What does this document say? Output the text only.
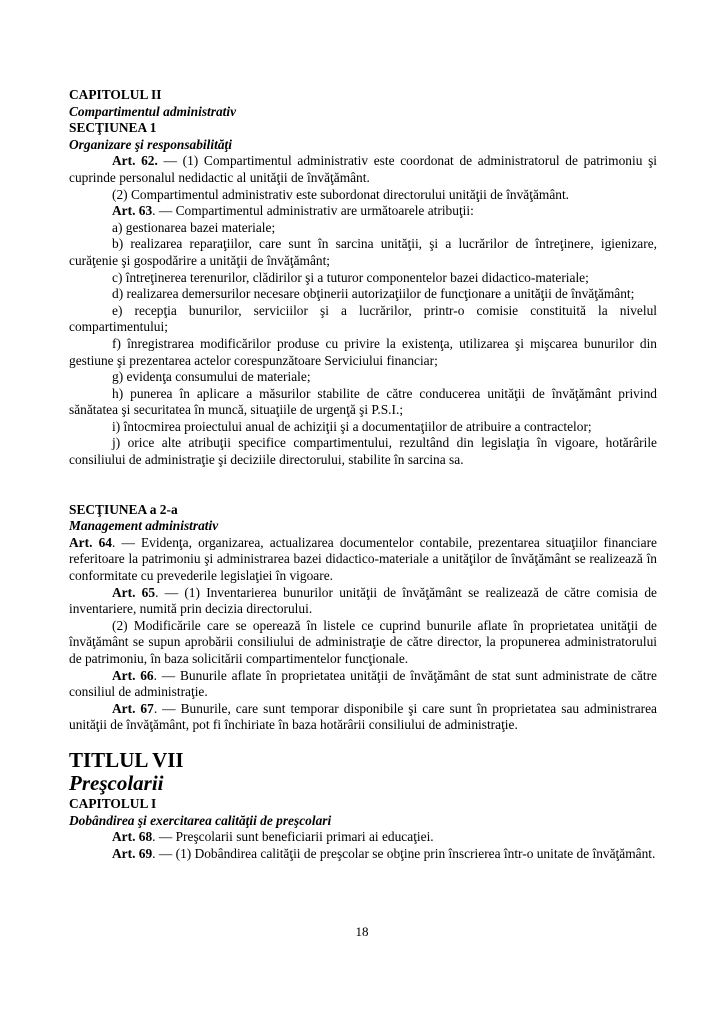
CAPITOLUL II

Compartimentul administrativ

SECŢIUNEA 1

Organizare şi responsabilităţi

Art. 62. — (1) Compartimentul administrativ este coordonat de administratorul de patrimoniu şi cuprinde personalul nedidactic al unităţii de învăţământ.

(2) Compartimentul administrativ este subordonat directorului unităţii de învăţământ.

Art. 63. — Compartimentul administrativ are următoarele atribuţii:

a) gestionarea bazei materiale;

b) realizarea reparaţiilor, care sunt în sarcina unităţii, şi a lucrărilor de întreţinere, igienizare, curăţenie şi gospodărire a unităţii de învăţământ;

c) întreţinerea terenurilor, clădirilor şi a tuturor componentelor bazei didactico-materiale;

d) realizarea demersurilor necesare obţinerii autorizaţiilor de funcţionare a unităţii de învăţământ;

e) recepţia bunurilor, serviciilor şi a lucrărilor, printr-o comisie constituită la nivelul compartimentului;

f) înregistrarea modificărilor produse cu privire la existenţa, utilizarea şi mişcarea bunurilor din gestiune şi prezentarea actelor corespunzătoare Serviciului financiar;

g) evidenţa consumului de materiale;

h) punerea în aplicare a măsurilor stabilite de către conducerea unităţii de învăţământ privind sănătatea şi securitatea în muncă, situaţiile de urgenţă şi P.S.I.;

i) întocmirea proiectului anual de achiziţii şi a documentaţiilor de atribuire a contractelor;

j) orice alte atribuţii specifice compartimentului, rezultând din legislaţia în vigoare, hotărârile consiliului de administraţie şi deciziile directorului, stabilite în sarcina sa.

SECŢIUNEA a 2-a

Management administrativ

Art. 64. — Evidenţa, organizarea, actualizarea documentelor contabile, prezentarea situaţiilor financiare referitoare la patrimoniu şi administrarea bazei didactico-materiale a unităţilor de învăţământ se realizează în conformitate cu prevederile legislaţiei în vigoare.

Art. 65. — (1) Inventarierea bunurilor unităţii de învăţământ se realizează de către comisia de inventariere, numită prin decizia directorului.

(2) Modificările care se operează în listele ce cuprind bunurile aflate în proprietatea unităţii de învăţământ se supun aprobării consiliului de administraţie de către director, la propunerea administratorului de patrimoniu, în baza solicitării compartimentelor funcţionale.

Art. 66. — Bunurile aflate în proprietatea unităţii de învăţământ de stat sunt administrate de către consiliul de administraţie.

Art. 67. — Bunurile, care sunt temporar disponibile şi care sunt în proprietatea sau administrarea unităţii de învăţământ, pot fi închiriate în baza hotărârii consiliului de administraţie.

TITLUL VII

Preşcolarii

CAPITOLUL I

Dobândirea şi exercitarea calităţii de preşcolari

Art. 68. — Preşcolarii sunt beneficiarii primari ai educaţiei.

Art. 69. — (1) Dobândirea calităţii de preşcolar se obţine prin înscrierea într-o unitate de învăţământ.

18
